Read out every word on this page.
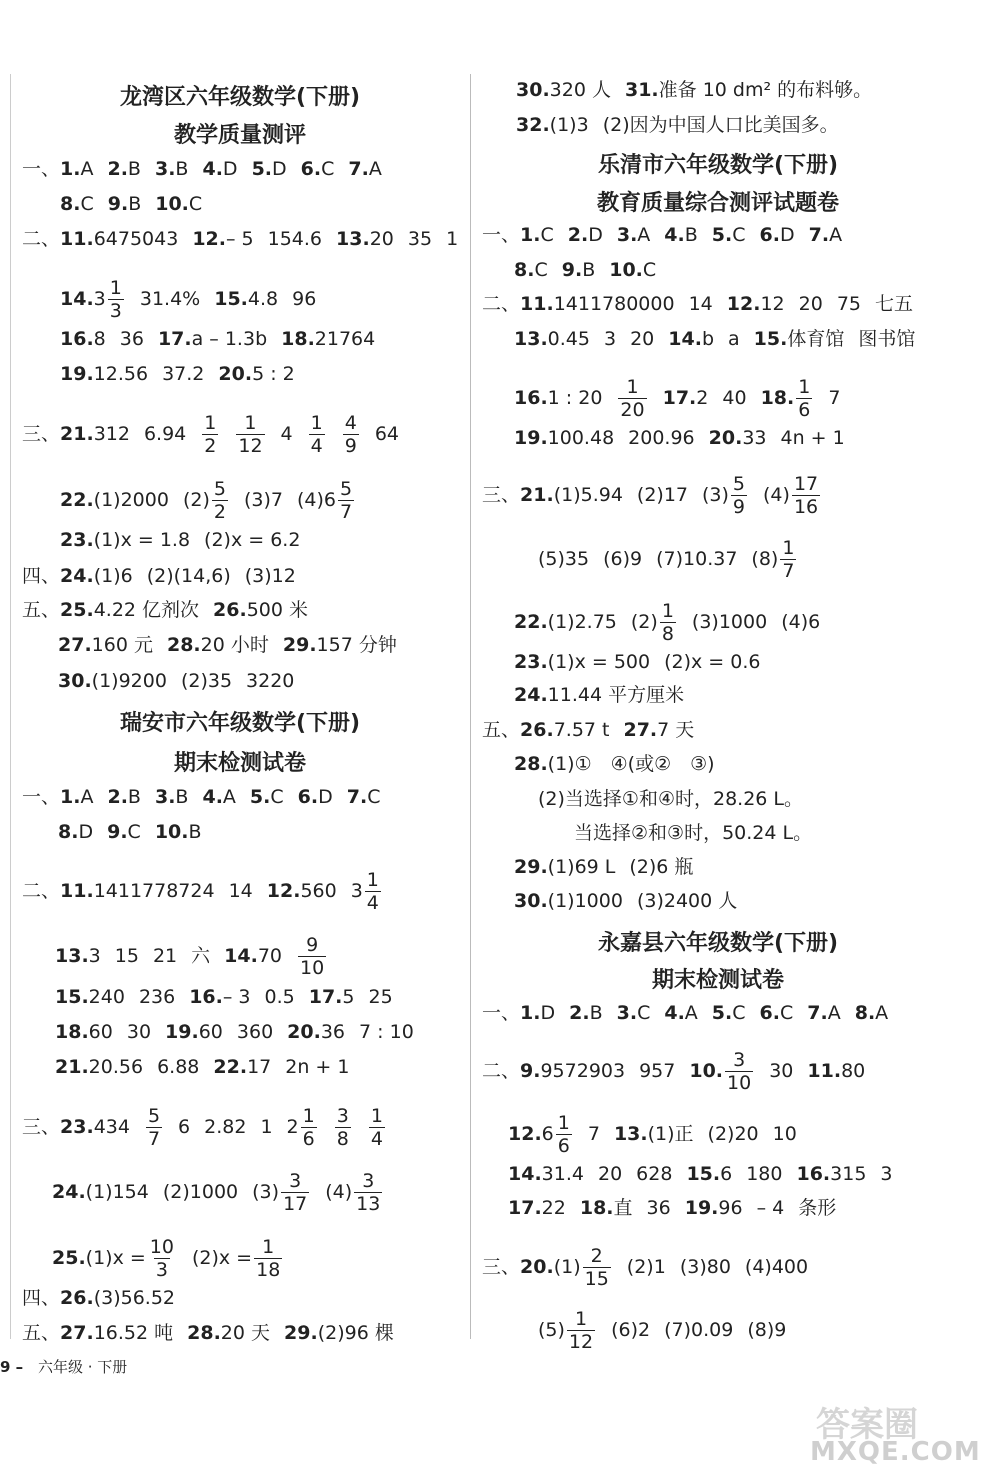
龙湾区六年级数学(下册)
教学质量测评
瑞安市六年级数学(下册)
期末检测试卷
一、1.A 2.B 3.B 4.D 5.D 6.C 7.A
8.C 9.B 10.C
二、11.6475043 12.– 5 154.6 13.20 35 1
$14.3 \frac{1}{3} 31.4\%$ 15.4.8 96
16.8 36 17.a – 1.3b 18.21764
19.12.56 37.2 20.5 : 2
三、21.312 $6.94 \frac{1}{2} \frac{1}{12} 4 \frac{1}{4} \frac{4}{9} 64$
22.(1)2000 $(2) \frac{5}{2} (3)7$ $(4)6 \frac{5}{7}$
23.(1)x = 1.8 (2)x = 6.2
四、24.(1)6 (2)(14,6) (3)12
五、25.4.22 亿剂次 26.500 米
27.160 元 28.20 小时 29.157 分钟
30.(1)9200 (2)35 3220
一、1.A 2.B 3.B 4.A 5.C 6.D 7.C
8.D 9.C 10.B
二、11.1411778724 14 12.560 $3 \frac{1}{4}$
13.3 15 21 六 $14.70 \frac{9}{10}$
15.240 236 16.– 3 0.5 17.5 25
18.60 30 19.60 360 20.36 7 : 10
21.20.56 6.88 22.17 2n + 1
三、$23.434 \frac{5}{7} 6$ 2.82 1 $2 \frac{1}{6} \frac{3}{8} \frac{1}{4}$
24.(1)154 (2)1000 $(3) \frac{3}{17} (4) \frac{3}{13}$
$25.(1)x = \frac{10}{3} (2)x = \frac{1}{18}$
四、26.(3)56.52
五、27.16.52 吨 28.20 天 29.(2)96 棵
乐清市六年级数学(下册)
教育质量综合测评试题卷
永嘉县六年级数学(下册)
期末检测试卷
30.320 人 31.准备 10 dm² 的布料够。
32.(1)3 (2)因为中国人口比美国多。
一、1.C 2.D 3.A 4.B 5.C 6.D 7.A
8.C 9.B 10.C
二、11.1411780000 14 12.12 20 75 七五
13.0.45 3 20 14.b a 15.体育馆 图书馆
16.1 : $20 \frac{1}{20} 17.2$ 40 18. $\frac{1}{6} 7$
19.100.48 200.96 20.33 4n + 1
三、21.(1)5.94 (2)17 $(3) \frac{5}{9} (4) \frac{17}{16}$
(5)35 (6)9 (7)10.37 $(8) \frac{1}{7}$
22.(1)2.75 $(2) \frac{1}{8} (3)1000$ (4)6
23.(1)x = 500 (2)x = 0.6
24.11.44 平方厘米
五、26.7.57 t 27.7 天
28.(1)①　④(或②　③)
(2)当选择①和④时，28.26 L。
当选择②和③时，50.24 L。
29.(1)69 L (2)6 瓶
30.(1)1000 (3)2400 人
一、1.D 2.B 3.C 4.A 5.C 6.C 7.A 8.A
二、9.9572903 957 10. $\frac{3}{10} 30$ 11.80
$12.6 \frac{1}{6} 7$ 13.(1)正 (2)20 10
14.31.4 20 628 15.6 180 16.315 3
17.22 18.直 36 19.96 – 4 条形
三、$20.(1) \frac{2}{15} (2)1$ (3)80 (4)400
$(5) \frac{1}{12} (6)2$ (7)0.09 (8)9
9 – 六年级 · 下册
答案圈
MXQE.COM
